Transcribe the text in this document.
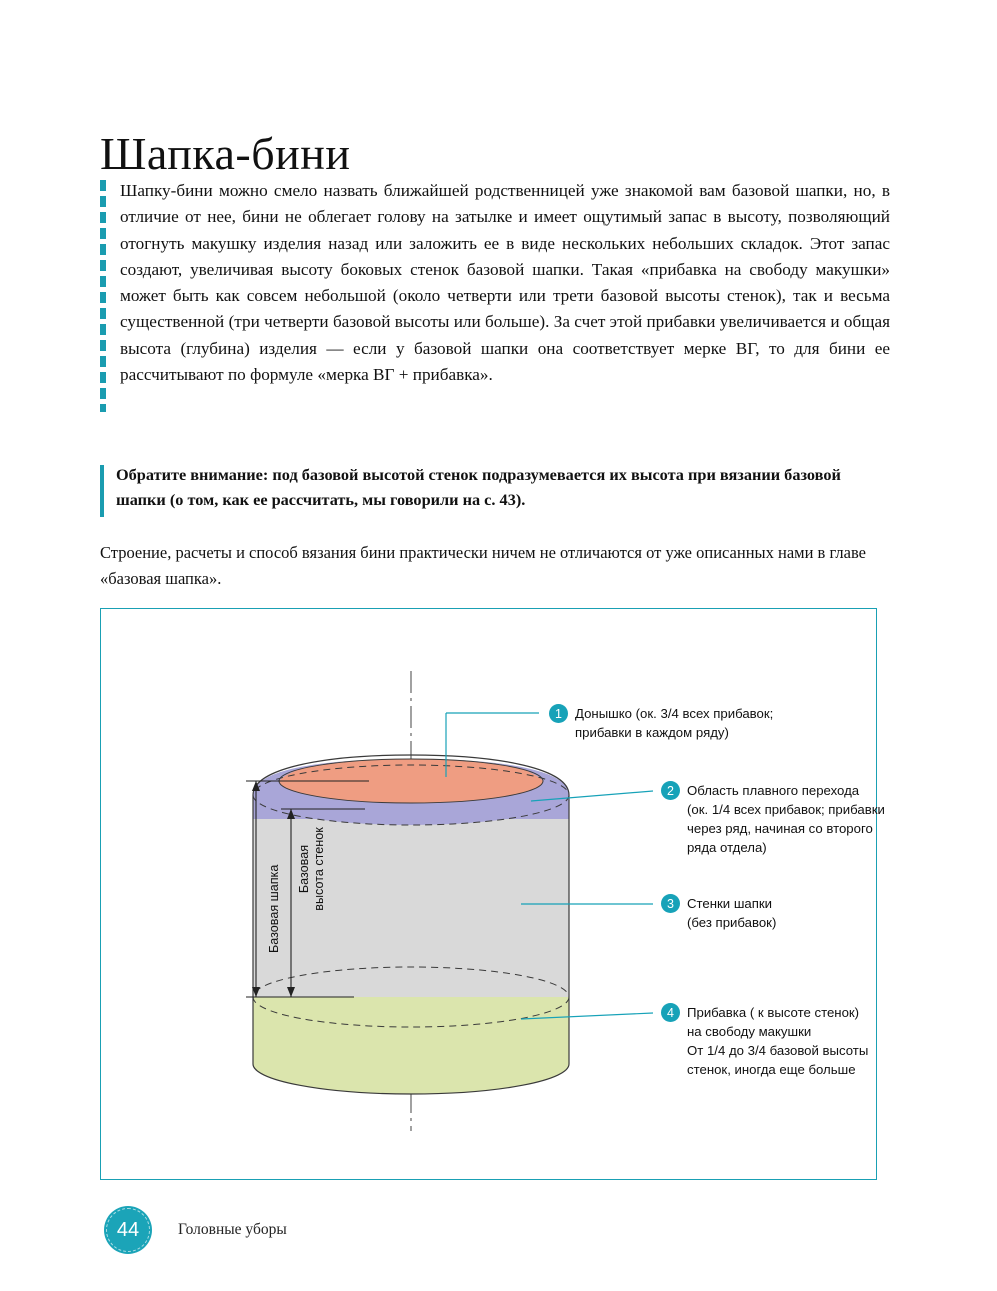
Шапка-бини
Шапку-бини можно смело назвать ближайшей родственницей уже знакомой вам базовой шапки, но, в отличие от нее, бини не облегает голову на затылке и имеет ощутимый запас в высоту, позволяющий отогнуть макушку изделия назад или заложить ее в виде нескольких небольших складок. Этот запас создают, увеличивая высоту боковых стенок базовой шапки. Такая «прибавка на свободу макушки» может быть как совсем небольшой (около четверти или трети базовой высоты стенок), так и весьма существенной (три четверти базовой высоты или больше). За счет этой прибавки увеличивается и общая высота (глубина) изделия — если у базовой шапки она соответствует мерке ВГ, то для бини ее рассчитывают по формуле «мерка ВГ + прибавка».
Обратите внимание: под базовой высотой стенок подразумевается их высота при вязании базовой шапки (о том, как ее рассчитать, мы говорили на с. 43).
Строение, расчеты и способ вязания бини практически ничем не отличаются от уже описанных нами в главе «базовая шапка».
Базовая шапка Базовая
высота стенок
1 Донышко (ок. 3/4 всех прибавок;
прибавки в каждом ряду)
2 Область плавного перехода
(ок. 1/4 всех прибавок; прибавки
через ряд, начиная со второго
ряда отдела)
3 Стенки шапки
(без прибавок)
4 Прибавка ( к высоте стенок)
на свободу макушки
От 1/4 до 3/4 базовой высоты
стенок, иногда еще больше
44	Головные уборы
